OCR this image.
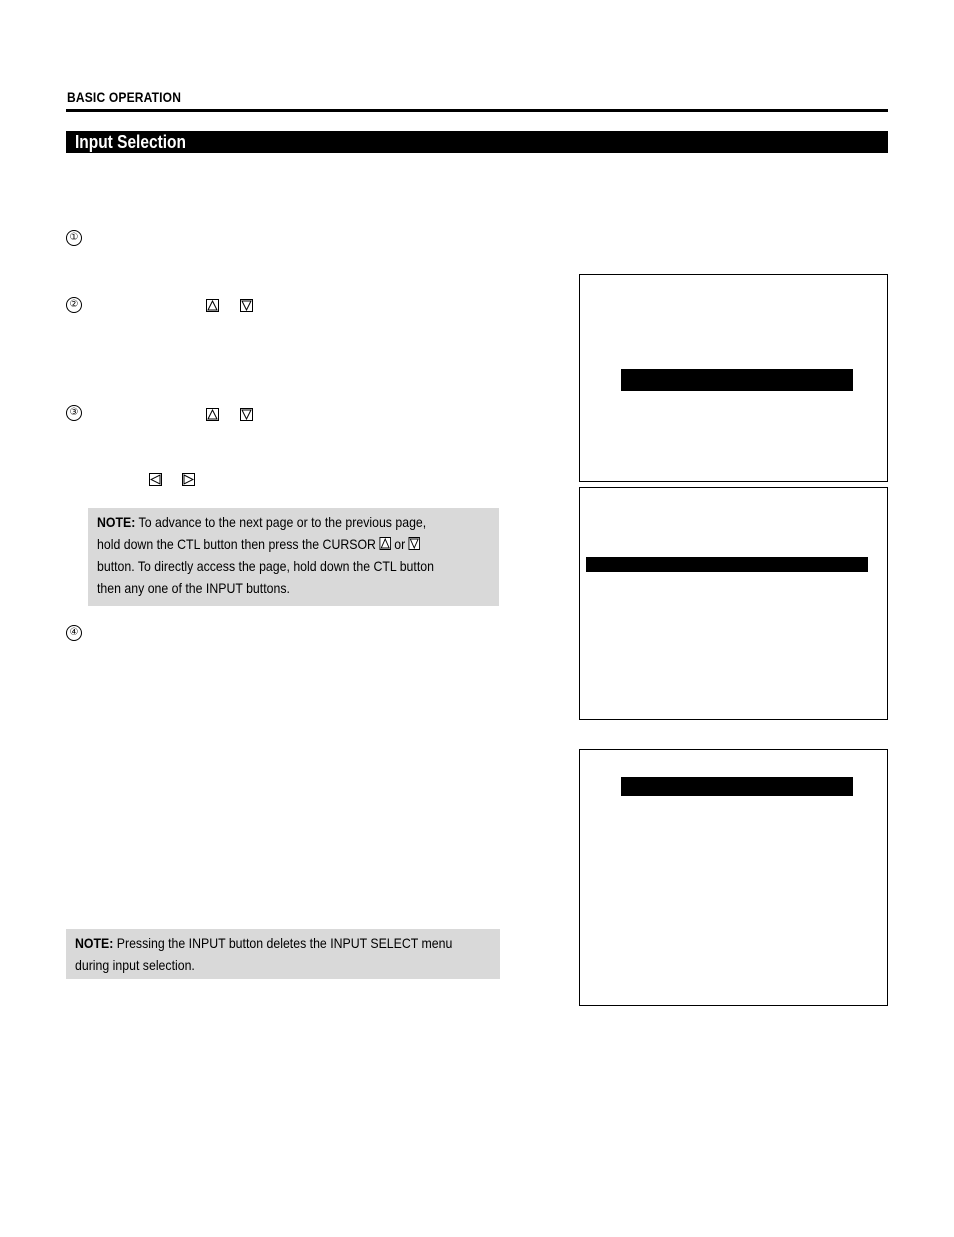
BASIC OPERATION
Input Selection
①
②
③
④
NOTE: To advance to the next page or to the previous page,
hold down the CTL button then press the CURSOR or
button. To directly access the page, hold down the CTL button
then any one of the INPUT buttons.
NOTE: Pressing the INPUT button deletes the INPUT SELECT menu
during input selection.
